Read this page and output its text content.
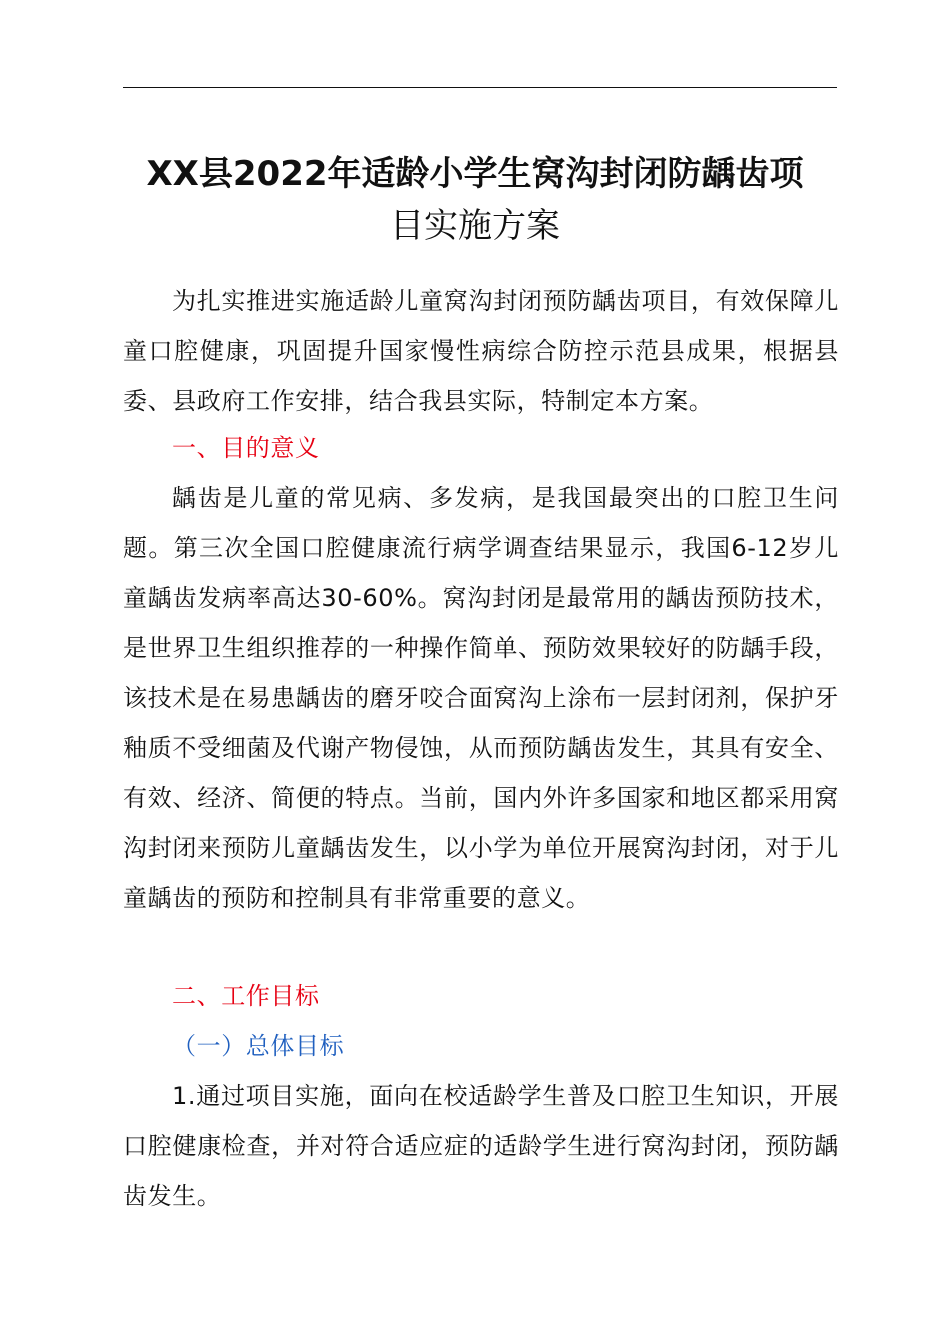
XX县2022年适龄小学生窝沟封闭防龋齿项
目实施方案

为扎实推进实施适龄儿童窝沟封闭预防龋齿项目，有效保障儿童口腔健康，巩固提升国家慢性病综合防控示范县成果，根据县委、县政府工作安排，结合我县实际，特制定本方案。

一、目的意义

龋齿是儿童的常见病、多发病，是我国最突出的口腔卫生问题。第三次全国口腔健康流行病学调查结果显示，我国6-12岁儿童龋齿发病率高达30-60%。窝沟封闭是最常用的龋齿预防技术，是世界卫生组织推荐的一种操作简单、预防效果较好的防龋手段，该技术是在易患龋齿的磨牙咬合面窝沟上涂布一层封闭剂，保护牙釉质不受细菌及代谢产物侵蚀，从而预防龋齿发生，其具有安全、有效、经济、简便的特点。当前，国内外许多国家和地区都采用窝沟封闭来预防儿童龋齿发生，以小学为单位开展窝沟封闭，对于儿童龋齿的预防和控制具有非常重要的意义。

二、工作目标

（一）总体目标

1.通过项目实施，面向在校适龄学生普及口腔卫生知识，开展口腔健康检查，并对符合适应症的适龄学生进行窝沟封闭，预防龋齿发生。
